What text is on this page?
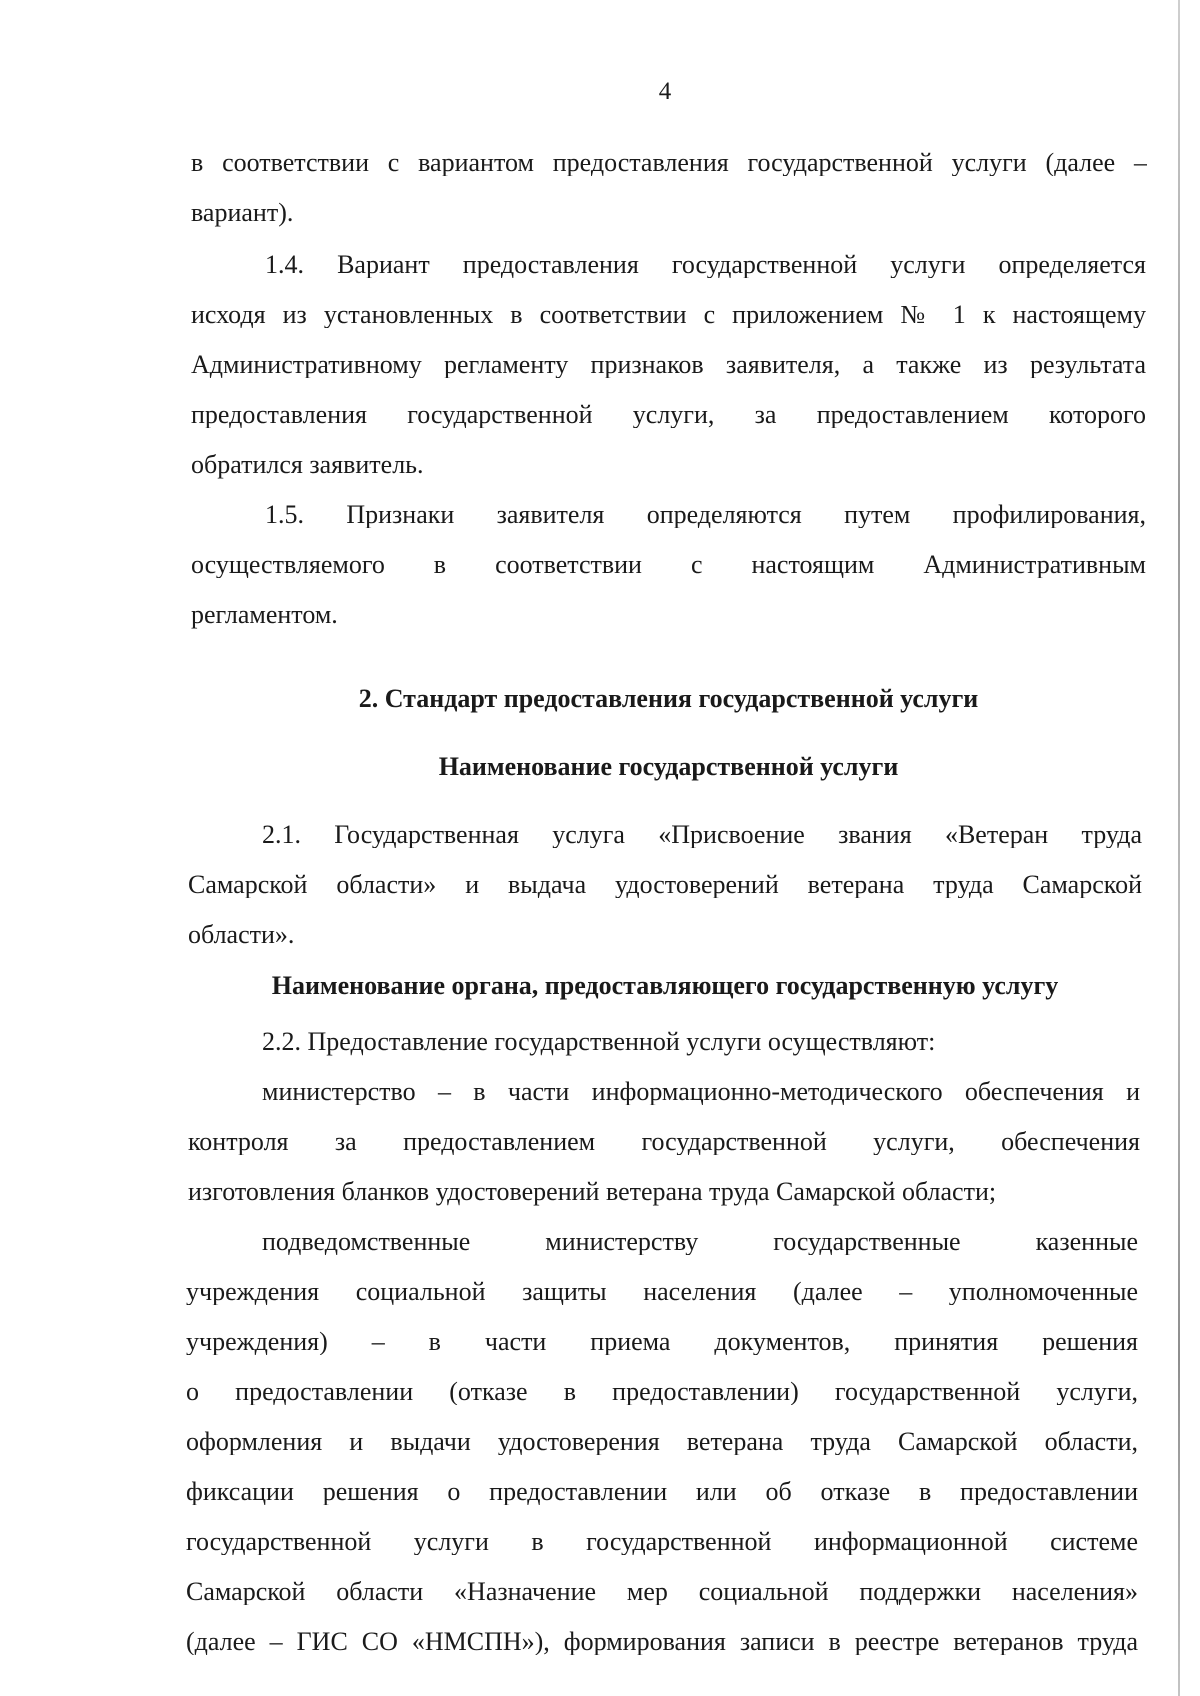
4
в соответствии с вариантом предоставления государственной услуги (далее –
вариант).
1.4. Вариант предоставления государственной услуги определяется
исходя из установленных в соответствии с приложением № 1 к настоящему
Административному регламенту признаков заявителя, а также из результата
предоставления государственной услуги, за предоставлением которого
обратился заявитель.
1.5. Признаки заявителя определяются путем профилирования,
осуществляемого в соответствии с настоящим Административным
регламентом.
2. Стандарт предоставления государственной услуги
Наименование государственной услуги
2.1. Государственная услуга «Присвоение звания «Ветеран труда
Самарской области» и выдача удостоверений ветерана труда Самарской
области».
Наименование органа, предоставляющего государственную услугу
2.2. Предоставление государственной услуги осуществляют:
министерство – в части информационно-методического обеспечения и
контроля за предоставлением государственной услуги, обеспечения
изготовления бланков удостоверений ветерана труда Самарской области;
подведомственные министерству государственные казенные
учреждения социальной защиты населения (далее – уполномоченные
учреждения) – в части приема документов, принятия решения
о предоставлении (отказе в предоставлении) государственной услуги,
оформления и выдачи удостоверения ветерана труда Самарской области,
фиксации решения о предоставлении или об отказе в предоставлении
государственной услуги в государственной информационной системе
Самарской области «Назначение мер социальной поддержки населения»
(далее – ГИС СО «НМСПН»), формирования записи в реестре ветеранов труда
